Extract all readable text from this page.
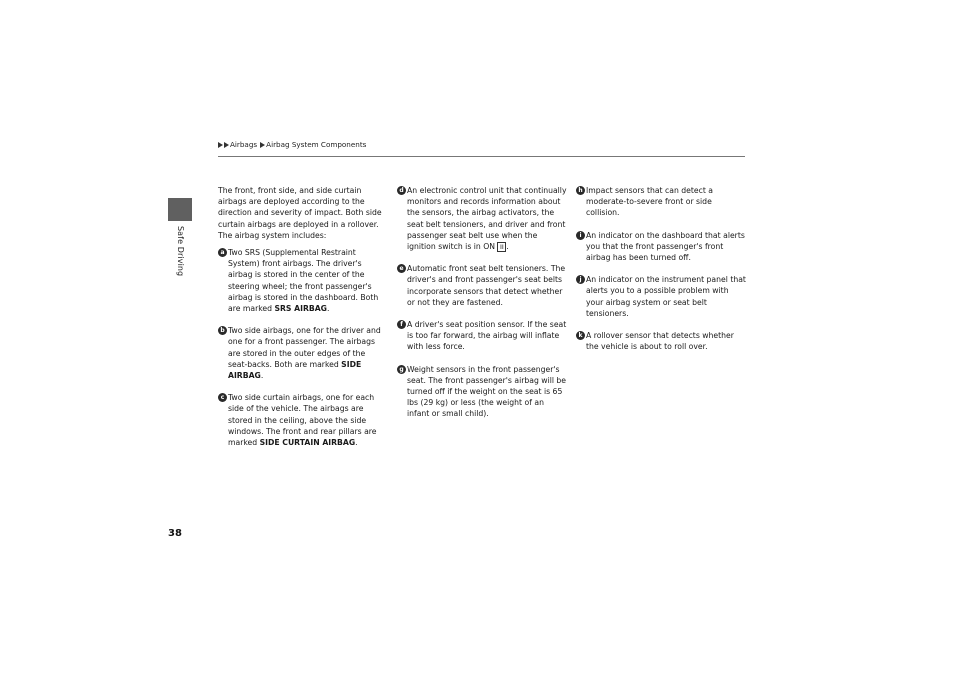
Safe Driving
Airbags Airbag System Components

The front, front side, and side curtain airbags are deployed according to the direction and severity of impact. Both side curtain airbags are deployed in a rollover. The airbag system includes:

a Two SRS (Supplemental Restraint System) front airbags. The driver's airbag is stored in the center of the steering wheel; the front passenger's airbag is stored in the dashboard. Both are marked SRS AIRBAG.
b Two side airbags, one for the driver and one for a front passenger. The airbags are stored in the outer edges of the seat-backs. Both are marked SIDE AIRBAG.
c Two side curtain airbags, one for each side of the vehicle. The airbags are stored in the ceiling, above the side windows. The front and rear pillars are marked SIDE CURTAIN AIRBAG.
d An electronic control unit that continually monitors and records information about the sensors, the airbag activators, the seat belt tensioners, and driver and front passenger seat belt use when the ignition switch is in ON II .
e Automatic front seat belt tensioners. The driver's and front passenger's seat belts incorporate sensors that detect whether or not they are fastened.
f A driver's seat position sensor. If the seat is too far forward, the airbag will inflate with less force.
g Weight sensors in the front passenger's seat. The front passenger's airbag will be turned off if the weight on the seat is 65 lbs (29 kg) or less (the weight of an infant or small child).
h Impact sensors that can detect a moderate-to-severe front or side collision.
i An indicator on the dashboard that alerts you that the front passenger's front airbag has been turned off.
j An indicator on the instrument panel that alerts you to a possible problem with your airbag system or seat belt tensioners.
k A rollover sensor that detects whether the vehicle is about to roll over.
38
